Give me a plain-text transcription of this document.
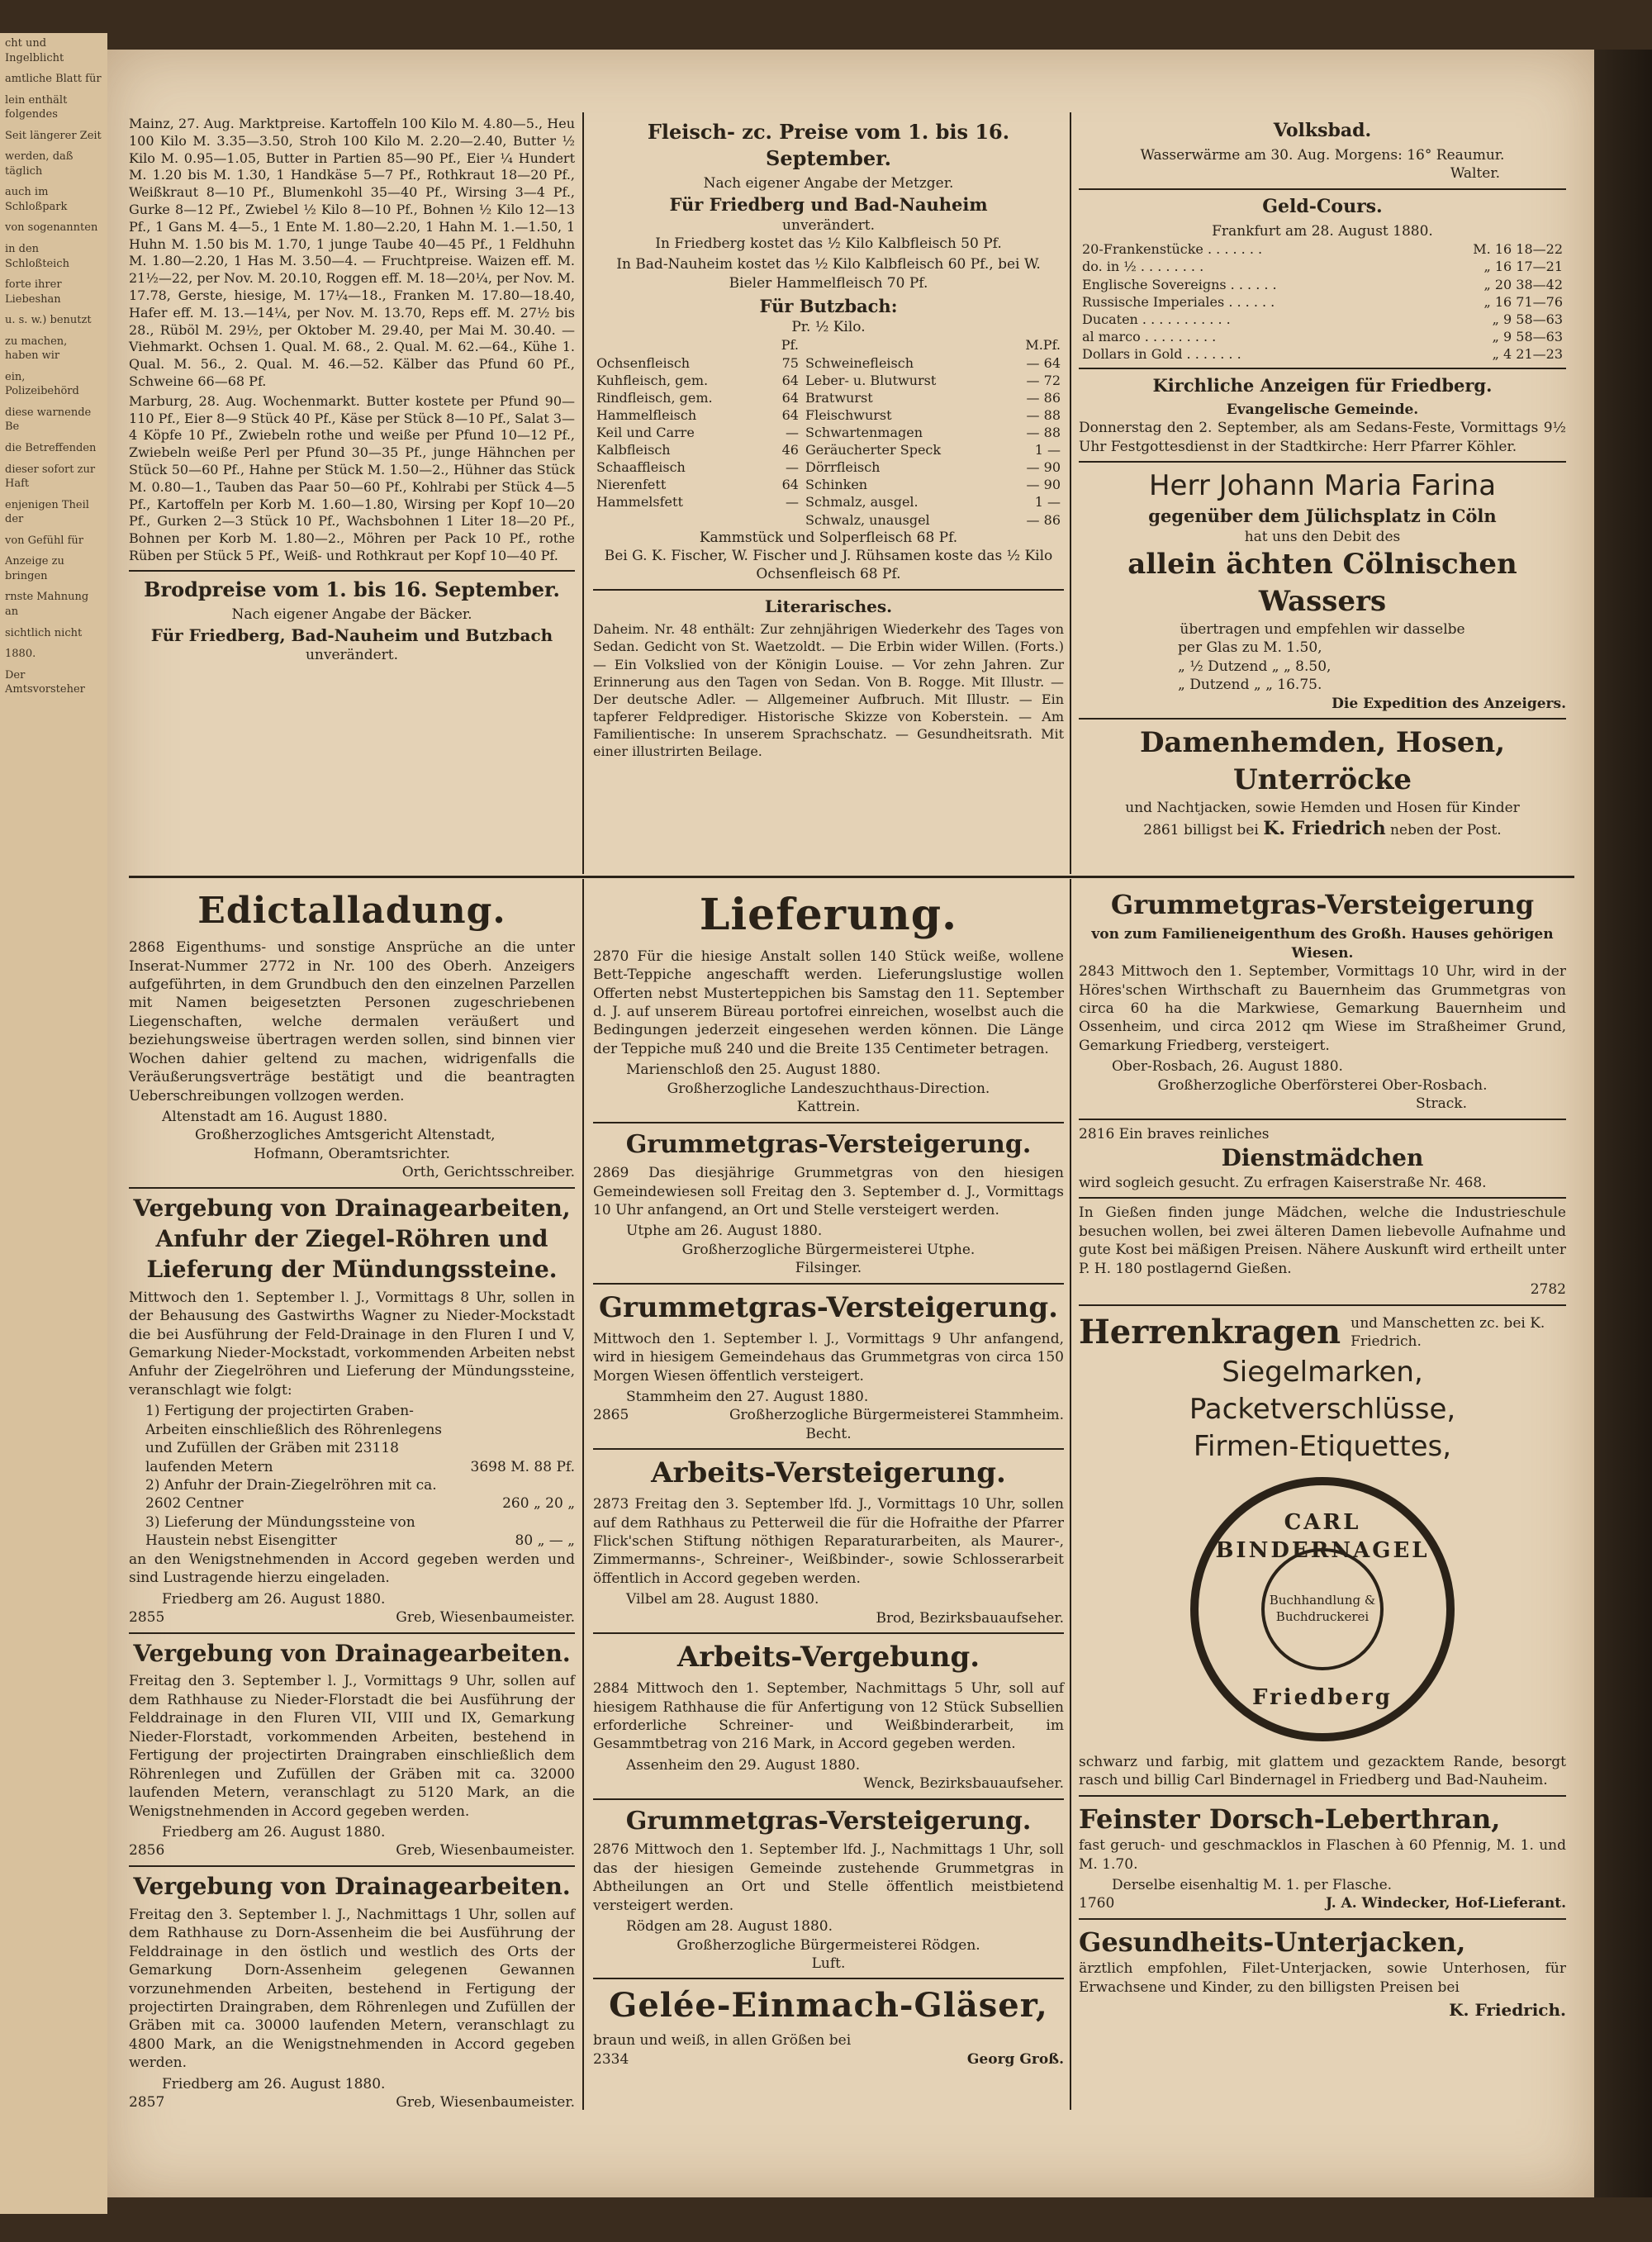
cht und Ingelblicht

amtliche Blatt für

lein enthält folgendes

Seit längerer Zeit

werden, daß täglich

auch im Schloßpark

von sogenannten

in den Schloßteich

forte ihrer Liebeshan

u. s. w.) benutzt

zu machen, haben wir

ein, Polizeibehörd

diese warnende Be

die Betreffenden

dieser sofort zur Haft

enjenigen Theil der

von Gefühl für

Anzeige zu bringen

rnste Mahnung an

sichtlich nicht

1880.

Der Amtsvorsteher

Mainz, 27. Aug. Marktpreise. Kartoffeln 100 Kilo M. 4.80—5., Heu 100 Kilo M. 3.35—3.50, Stroh 100 Kilo M. 2.20—2.40, Butter ½ Kilo M. 0.95—1.05, Butter in Partien 85—90 Pf., Eier ¼ Hundert M. 1.20 bis M. 1.30, 1 Handkäse 5—7 Pf., Rothkraut 18—20 Pf., Weißkraut 8—10 Pf., Blumenkohl 35—40 Pf., Wirsing 3—4 Pf., Gurke 8—12 Pf., Zwiebel ½ Kilo 8—10 Pf., Bohnen ½ Kilo 12—13 Pf., 1 Gans M. 4—5., 1 Ente M. 1.80—2.20, 1 Hahn M. 1.—1.50, 1 Huhn M. 1.50 bis M. 1.70, 1 junge Taube 40—45 Pf., 1 Feldhuhn M. 1.80—2.20, 1 Has M. 3.50—4. — Fruchtpreise. Waizen eff. M. 21½—22, per Nov. M. 20.10, Roggen eff. M. 18—20¼, per Nov. M. 17.78, Gerste, hiesige, M. 17¼—18., Franken M. 17.80—18.40, Hafer eff. M. 13.—14¼, per Nov. M. 13.70, Reps eff. M. 27½ bis 28., Rüböl M. 29½, per Oktober M. 29.40, per Mai M. 30.40. — Viehmarkt. Ochsen 1. Qual. M. 68., 2. Qual. M. 62.—64., Kühe 1. Qual. M. 56., 2. Qual. M. 46.—52. Kälber das Pfund 60 Pf., Schweine 66—68 Pf.

Marburg, 28. Aug. Wochenmarkt. Butter kostete per Pfund 90—110 Pf., Eier 8—9 Stück 40 Pf., Käse per Stück 8—10 Pf., Salat 3—4 Köpfe 10 Pf., Zwiebeln rothe und weiße per Pfund 10—12 Pf., Zwiebeln weiße Perl per Pfund 30—35 Pf., junge Hähnchen per Stück 50—60 Pf., Hahne per Stück M. 1.50—2., Hühner das Stück M. 0.80—1., Tauben das Paar 50—60 Pf., Kohlrabi per Stück 4—5 Pf., Kartoffeln per Korb M. 1.60—1.80, Wirsing per Kopf 10—20 Pf., Gurken 2—3 Stück 10 Pf., Wachsbohnen 1 Liter 18—20 Pf., Bohnen per Korb M. 1.80—2., Möhren per Pack 10 Pf., rothe Rüben per Stück 5 Pf., Weiß- und Rothkraut per Kopf 10—40 Pf.

Brodpreise vom 1. bis 16. September.
Nach eigener Angabe der Bäcker.
Für Friedberg, Bad-Nauheim und Butzbach
unverändert.
Fleisch- zc. Preise vom 1. bis 16. September.
Nach eigener Angabe der Metzger.
Für Friedberg und Bad-Nauheim
unverändert.

In Friedberg kostet das ½ Kilo Kalbfleisch 50 Pf.

In Bad-Nauheim kostet das ½ Kilo Kalbfleisch 60 Pf., bei W. Bieler Hammelfleisch 70 Pf.

Für Butzbach:
Pr. ½ Kilo.
	Pf.		M.Pf.
Ochsenfleisch	75	Schweinefleisch	— 64
Kuhfleisch, gem.	64	Leber- u. Blutwurst	— 72
Rindfleisch, gem.	64	Bratwurst	— 86
Hammelfleisch	64	Fleischwurst	— 88
Keil und Carre	—	Schwartenmagen	— 88
Kalbfleisch	46	Geräucherter Speck	1 —
Schaaffleisch	—	Dörrfleisch	— 90
Nierenfett	64	Schinken	— 90
Hammelsfett	—	Schmalz, ausgel.	1 —
		Schwalz, unausgel	— 86
Kammstück und Solperfleisch 68 Pf.

Bei G. K. Fischer, W. Fischer und J. Rühsamen koste das ½ Kilo Ochsenfleisch 68 Pf.

Literarisches.

Daheim. Nr. 48 enthält: Zur zehnjährigen Wiederkehr des Tages von Sedan. Gedicht von St. Waetzoldt. — Die Erbin wider Willen. (Forts.) — Ein Volkslied von der Königin Louise. — Vor zehn Jahren. Zur Erinnerung aus den Tagen von Sedan. Von B. Rogge. Mit Illustr. — Der deutsche Adler. — Allgemeiner Aufbruch. Mit Illustr. — Ein tapferer Feldprediger. Historische Skizze von Koberstein. — Am Familientische: In unserem Sprachschatz. — Gesundheitsrath. Mit einer illustrirten Beilage.

Volksbad.
Wasserwärme am 30. Aug. Morgens: 16° Reaumur.
Walter.
Geld-Cours.
Frankfurt am 28. August 1880.
20-Frankenstücke . . . . . . .	M. 16 18—22
do. in ½ . . . . . . . .	„ 16 17—21
Englische Sovereigns . . . . . .	„ 20 38—42
Russische Imperiales . . . . . .	„ 16 71—76
Ducaten . . . . . . . . . . .	„ 9 58—63
al marco . . . . . . . . .	„ 9 58—63
Dollars in Gold . . . . . . .	„ 4 21—23
Kirchliche Anzeigen für Friedberg.
Evangelische Gemeinde.

Donnerstag den 2. September, als am Sedans-Feste, Vormittags 9½ Uhr Festgottesdienst in der Stadtkirche: Herr Pfarrer Köhler.

Herr Johann Maria Farina
gegenüber dem Jülichsplatz in Cöln
hat uns den Debit des
allein ächten Cölnischen Wassers
übertragen und empfehlen wir dasselbe
per Glas zu M. 1.50,
„ ½ Dutzend „ „ 8.50,
„ Dutzend „ „ 16.75.
Die Expedition des Anzeigers.
Damenhemden, Hosen, Unterröcke
und Nachtjacken, sowie Hemden und Hosen für Kinder
2861 billigst bei K. Friedrich neben der Post.
Edictalladung.

2868 Eigenthums- und sonstige Ansprüche an die unter Inserat-Nummer 2772 in Nr. 100 des Oberh. Anzeigers aufgeführten, in dem Grundbuch den den einzelnen Parzellen mit Namen beigesetzten Personen zugeschriebenen Liegenschaften, welche dermalen veräußert und beziehungsweise übertragen werden sollen, sind binnen vier Wochen dahier geltend zu machen, widrigenfalls die Veräußerungsverträge bestätigt und die beantragten Ueberschreibungen vollzogen werden.

Altenstadt am 16. August 1880.
Großherzogliches Amtsgericht Altenstadt,
Hofmann, Oberamtsrichter.
Orth, Gerichtsschreiber.
Vergebung von Drainagearbeiten, Anfuhr der Ziegel-Röhren und Lieferung der Mündungssteine.

Mittwoch den 1. September l. J., Vormittags 8 Uhr, sollen in der Behausung des Gastwirths Wagner zu Nieder-Mockstadt die bei Ausführung der Feld-Drainage in den Fluren I und V, Gemarkung Nieder-Mockstadt, vorkommenden Arbeiten nebst Anfuhr der Ziegelröhren und Lieferung der Mündungssteine, veranschlagt wie folgt:

1) Fertigung der projectirten Graben-Arbeiten einschließlich des Röhrenlegens und Zufüllen der Gräben mit 23118 laufenden Metern	3698 M. 88 Pf.
2) Anfuhr der Drain-Ziegelröhren mit ca. 2602 Centner	260 „ 20 „
3) Lieferung der Mündungssteine von Haustein nebst Eisengitter	80 „ — „

an den Wenigstnehmenden in Accord gegeben werden und sind Lustragende hierzu eingeladen.

Friedberg am 26. August 1880.
2855	Greb, Wiesenbaumeister.
Vergebung von Drainagearbeiten.

Freitag den 3. September l. J., Vormittags 9 Uhr, sollen auf dem Rathhause zu Nieder-Florstadt die bei Ausführung der Felddrainage in den Fluren VII, VIII und IX, Gemarkung Nieder-Florstadt, vorkommenden Arbeiten, bestehend in Fertigung der projectirten Draingraben einschließlich dem Röhrenlegen und Zufüllen der Gräben mit ca. 32000 laufenden Metern, veranschlagt zu 5120 Mark, an die Wenigstnehmenden in Accord gegeben werden.

Friedberg am 26. August 1880.
2856	Greb, Wiesenbaumeister.
Vergebung von Drainagearbeiten.

Freitag den 3. September l. J., Nachmittags 1 Uhr, sollen auf dem Rathhause zu Dorn-Assenheim die bei Ausführung der Felddrainage in den östlich und westlich des Orts der Gemarkung Dorn-Assenheim gelegenen Gewannen vorzunehmenden Arbeiten, bestehend in Fertigung der projectirten Draingraben, dem Röhrenlegen und Zufüllen der Gräben mit ca. 30000 laufenden Metern, veranschlagt zu 4800 Mark, an die Wenigstnehmenden in Accord gegeben werden.

Friedberg am 26. August 1880.
2857	Greb, Wiesenbaumeister.
Lieferung.

2870 Für die hiesige Anstalt sollen 140 Stück weiße, wollene Bett-Teppiche angeschafft werden. Lieferungslustige wollen Offerten nebst Musterteppichen bis Samstag den 11. September d. J. auf unserem Büreau portofrei einreichen, woselbst auch die Bedingungen jederzeit eingesehen werden können. Die Länge der Teppiche muß 240 und die Breite 135 Centimeter betragen.

Marienschloß den 25. August 1880.
Großherzogliche Landeszuchthaus-Direction.
Kattrein.
Grummetgras-Versteigerung.

2869 Das diesjährige Grummetgras von den hiesigen Gemeindewiesen soll Freitag den 3. September d. J., Vormittags 10 Uhr anfangend, an Ort und Stelle versteigert werden.

Utphe am 26. August 1880.
Großherzogliche Bürgermeisterei Utphe.
Filsinger.
Grummetgras-Versteigerung.

Mittwoch den 1. September l. J., Vormittags 9 Uhr anfangend, wird in hiesigem Gemeindehaus das Grummetgras von circa 150 Morgen Wiesen öffentlich versteigert.

Stammheim den 27. August 1880.
2865	Großherzogliche Bürgermeisterei Stammheim.
Becht.
Arbeits-Versteigerung.

2873 Freitag den 3. September lfd. J., Vormittags 10 Uhr, sollen auf dem Rathhaus zu Petterweil die für die Hofraithe der Pfarrer Flick'schen Stiftung nöthigen Reparaturarbeiten, als Maurer-, Zimmermanns-, Schreiner-, Weißbinder-, sowie Schlosserarbeit öffentlich in Accord gegeben werden.

Vilbel am 28. August 1880.
Brod, Bezirksbauaufseher.
Arbeits-Vergebung.

2884 Mittwoch den 1. September, Nachmittags 5 Uhr, soll auf hiesigem Rathhause die für Anfertigung von 12 Stück Subsellien erforderliche Schreiner- und Weißbinderarbeit, im Gesammtbetrag von 216 Mark, in Accord gegeben werden.

Assenheim den 29. August 1880.
Wenck, Bezirksbauaufseher.
Grummetgras-Versteigerung.

2876 Mittwoch den 1. September lfd. J., Nachmittags 1 Uhr, soll das der hiesigen Gemeinde zustehende Grummetgras in Abtheilungen an Ort und Stelle öffentlich meistbietend versteigert werden.

Rödgen am 28. August 1880.
Großherzogliche Bürgermeisterei Rödgen.
Luft.
Gelée-Einmach-Gläser,
braun und weiß, in allen Größen bei
2334	Georg Groß.
Grummetgras-Versteigerung
von zum Familieneigenthum des Großh. Hauses gehörigen Wiesen.

2843 Mittwoch den 1. September, Vormittags 10 Uhr, wird in der Höres'schen Wirthschaft zu Bauernheim das Grummetgras von circa 60 ha die Markwiese, Gemarkung Bauernheim und Ossenheim, und circa 2012 qm Wiese im Straßheimer Grund, Gemarkung Friedberg, versteigert.

Ober-Rosbach, 26. August 1880.
Großherzogliche Oberförsterei Ober-Rosbach.
Strack.
2816 Ein braves reinliches
Dienstmädchen
wird sogleich gesucht. Zu erfragen Kaiserstraße Nr. 468.

In Gießen finden junge Mädchen, welche die Industrieschule besuchen wollen, bei zwei älteren Damen liebevolle Aufnahme und gute Kost bei mäßigen Preisen. Nähere Auskunft wird ertheilt unter P. H. 180 postlagernd Gießen.

2782
Herrenkragen und Manschetten zc. bei K. Friedrich.
Siegelmarken,
Packetverschlüsse,
Firmen-Etiquettes,
CARL BINDERNAGEL
Buchhandlung & Buchdruckerei
Friedberg

schwarz und farbig, mit glattem und gezacktem Rande, besorgt rasch und billig Carl Bindernagel in Friedberg und Bad-Nauheim.

Feinster Dorsch-Leberthran,

fast geruch- und geschmacklos in Flaschen à 60 Pfennig, M. 1. und M. 1.70.

Derselbe eisenhaltig M. 1. per Flasche.
1760	J. A. Windecker, Hof-Lieferant.
Gesundheits-Unterjacken,

ärztlich empfohlen, Filet-Unterjacken, sowie Unterhosen, für Erwachsene und Kinder, zu den billigsten Preisen bei

K. Friedrich.
